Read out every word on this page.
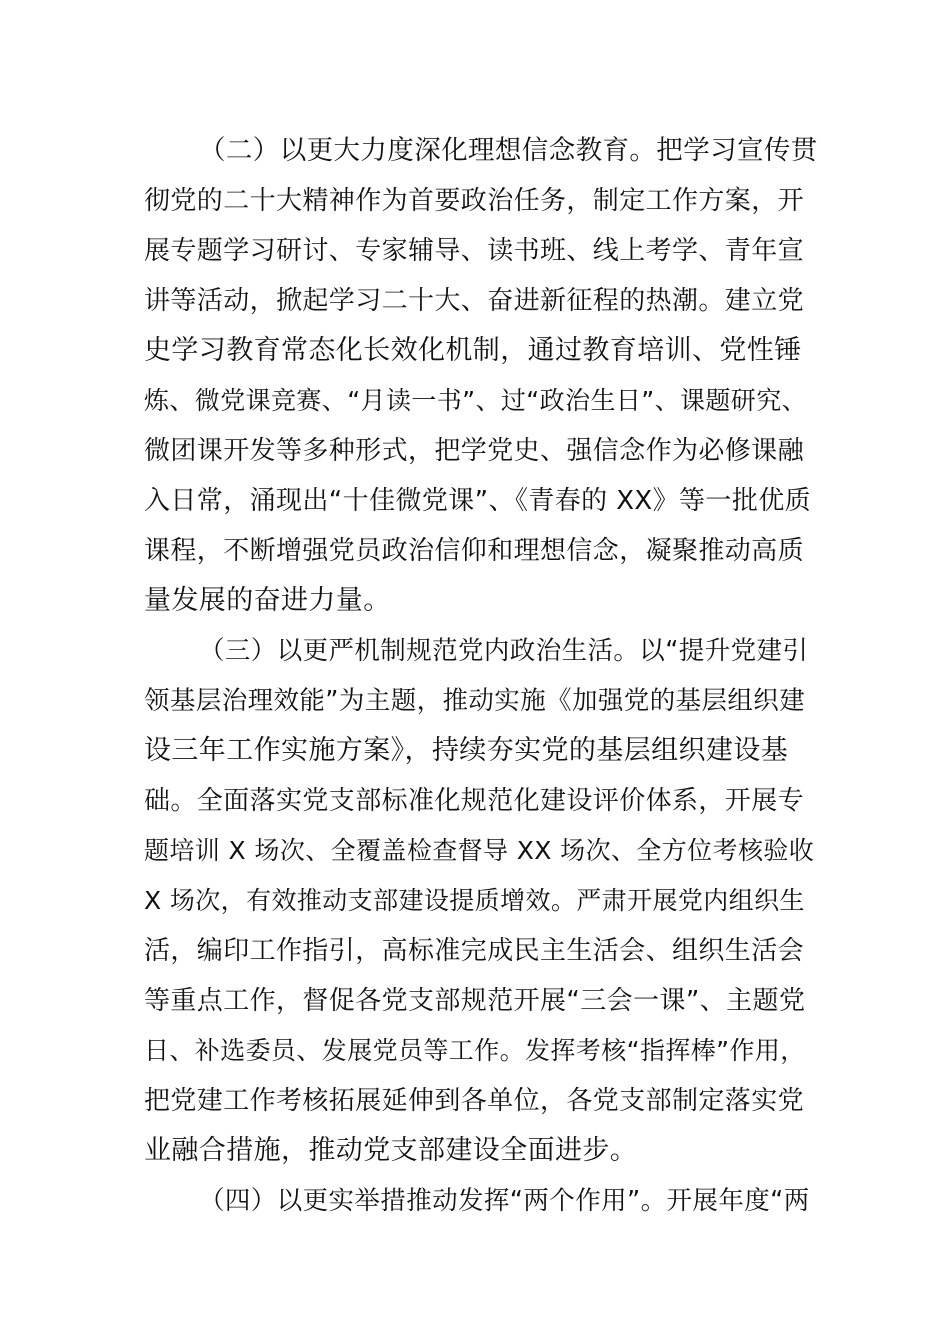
（二）以更大力度深化理想信念教育。把学习宣传贯

彻党的二十大精神作为首要政治任务，制定工作方案，开

展专题学习研讨、专家辅导、读书班、线上考学、青年宣

讲等活动，掀起学习二十大、奋进新征程的热潮。建立党

史学习教育常态化长效化机制，通过教育培训、党性锤

炼、微党课竞赛、“月读一书”、过“政治生日”、课题研究、

微团课开发等多种形式，把学党史、强信念作为必修课融

入日常，涌现出“十佳微党课”、《青春的 XX》等一批优质

课程，不断增强党员政治信仰和理想信念，凝聚推动高质

量发展的奋进力量。

（三）以更严机制规范党内政治生活。以“提升党建引

领基层治理效能”为主题，推动实施《加强党的基层组织建

设三年工作实施方案》，持续夯实党的基层组织建设基

础。全面落实党支部标准化规范化建设评价体系，开展专

题培训 X 场次、全覆盖检查督导 XX 场次、全方位考核验收

X 场次，有效推动支部建设提质增效。严肃开展党内组织生

活，编印工作指引，高标准完成民主生活会、组织生活会

等重点工作，督促各党支部规范开展“三会一课”、主题党

日、补选委员、发展党员等工作。发挥考核“指挥棒”作用，

把党建工作考核拓展延伸到各单位，各党支部制定落实党

业融合措施，推动党支部建设全面进步。

（四）以更实举措推动发挥“两个作用”。开展年度“两
